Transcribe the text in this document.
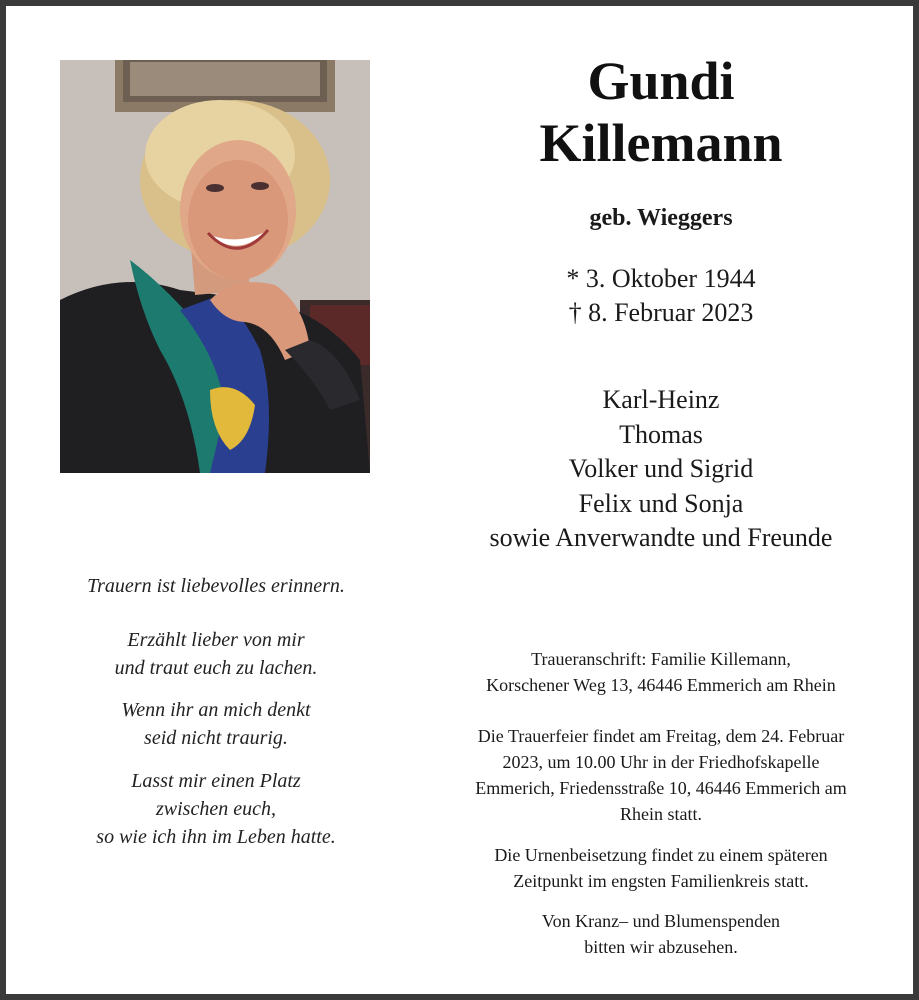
Gundi
Killemann
geb. Wieggers
* 3. Oktober 1944
† 8. Februar 2023
Karl-Heinz
Thomas
Volker und Sigrid
Felix und Sonja
sowie Anverwandte und Freunde
Traueranschrift: Familie Killemann,
Korschener Weg 13, 46446 Emmerich am Rhein
Die Trauerfeier findet am Freitag, dem 24. Februar
2023, um 10.00 Uhr in der Friedhofskapelle
Emmerich, Friedensstraße 10, 46446 Emmerich am
Rhein statt.
Die Urnenbeisetzung findet zu einem späteren
Zeitpunkt im engsten Familienkreis statt.
Von Kranz– und Blumenspenden
bitten wir abzusehen.
Trauern ist liebevolles erinnern.
Erzählt lieber von mir
und traut euch zu lachen.
Wenn ihr an mich denkt
seid nicht traurig.
Lasst mir einen Platz
zwischen euch,
so wie ich ihn im Leben hatte.
